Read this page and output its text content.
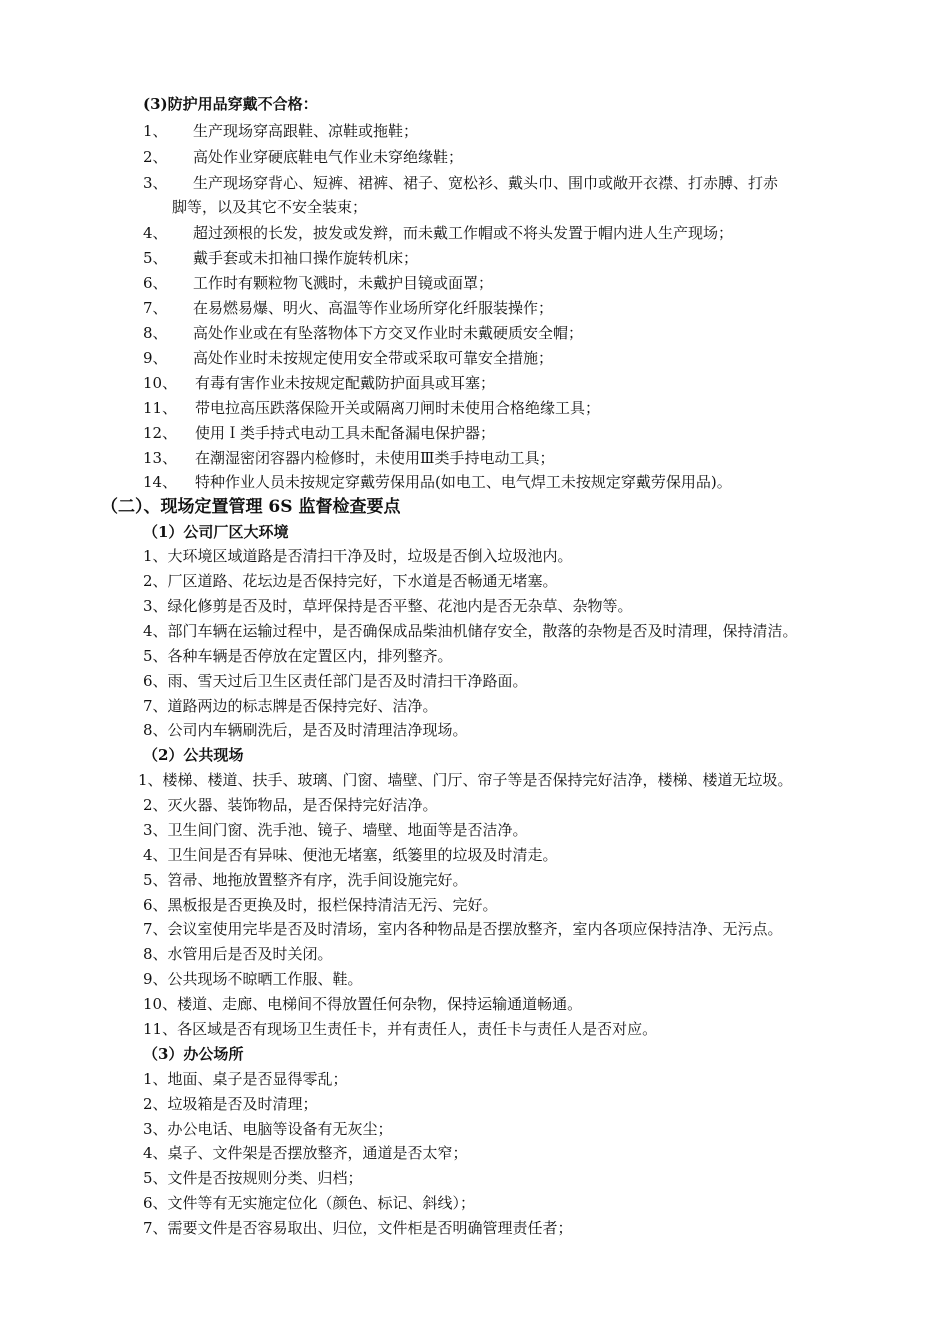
(3)防护用品穿戴不合格：
1、 生产现场穿高跟鞋、凉鞋或拖鞋；
2、 高处作业穿硬底鞋电气作业未穿绝缘鞋；
3、 生产现场穿背心、短裤、裙裤、裙子、宽松衫、戴头巾、围巾或敞开衣襟、打赤膊、打赤
脚等，以及其它不安全装束；
4、 超过颈根的长发，披发或发辫，而未戴工作帽或不将头发置于帽内进人生产现场；
5、 戴手套或未扣袖口操作旋转机床；
6、 工作时有颗粒物飞溅时，未戴护目镜或面罩；
7、 在易燃易爆、明火、高温等作业场所穿化纤服装操作；
8、 高处作业或在有坠落物体下方交叉作业时未戴硬质安全帽；
9、 高处作业时未按规定使用安全带或采取可靠安全措施；
10、 有毒有害作业未按规定配戴防护面具或耳塞；
11、 带电拉高压跌落保险开关或隔离刀闸时未使用合格绝缘工具；
12、 使用Ｉ类手持式电动工具未配备漏电保护器；
13、 在潮湿密闭容器内检修时，未使用Ⅲ类手持电动工具；
14、 特种作业人员未按规定穿戴劳保用品(如电工、电气焊工未按规定穿戴劳保用品)。
（二）、现场定置管理 6S 监督检查要点
（1）公司厂区大环境
1、大环境区域道路是否清扫干净及时，垃圾是否倒入垃圾池内。
2、厂区道路、花坛边是否保持完好，下水道是否畅通无堵塞。
3、绿化修剪是否及时，草坪保持是否平整、花池内是否无杂草、杂物等。
4、部门车辆在运输过程中，是否确保成品柴油机储存安全，散落的杂物是否及时清理，保持清洁。
5、各种车辆是否停放在定置区内，排列整齐。
6、雨、雪天过后卫生区责任部门是否及时清扫干净路面。
7、道路两边的标志牌是否保持完好、洁净。
8、公司内车辆刷洗后，是否及时清理洁净现场。
（2）公共现场
1、楼梯、楼道、扶手、玻璃、门窗、墙壁、门厅、帘子等是否保持完好洁净，楼梯、楼道无垃圾。
2、灭火器、装饰物品，是否保持完好洁净。
3、卫生间门窗、洗手池、镜子、墙壁、地面等是否洁净。
4、卫生间是否有异味、便池无堵塞，纸篓里的垃圾及时清走。
5、笤帚、地拖放置整齐有序，洗手间设施完好。
6、黑板报是否更换及时，报栏保持清洁无污、完好。
7、会议室使用完毕是否及时清场，室内各种物品是否摆放整齐，室内各项应保持洁净、无污点。
8、水管用后是否及时关闭。
9、公共现场不晾晒工作服、鞋。
10、楼道、走廊、电梯间不得放置任何杂物，保持运输通道畅通。
11、各区域是否有现场卫生责任卡，并有责任人，责任卡与责任人是否对应。
（3）办公场所
1、地面、桌子是否显得零乱；
2、垃圾箱是否及时清理；
3、办公电话、电脑等设备有无灰尘；
4、桌子、文件架是否摆放整齐，通道是否太窄；
5、文件是否按规则分类、归档；
6、文件等有无实施定位化（颜色、标记、斜线）；
7、需要文件是否容易取出、归位，文件柜是否明确管理责任者；
